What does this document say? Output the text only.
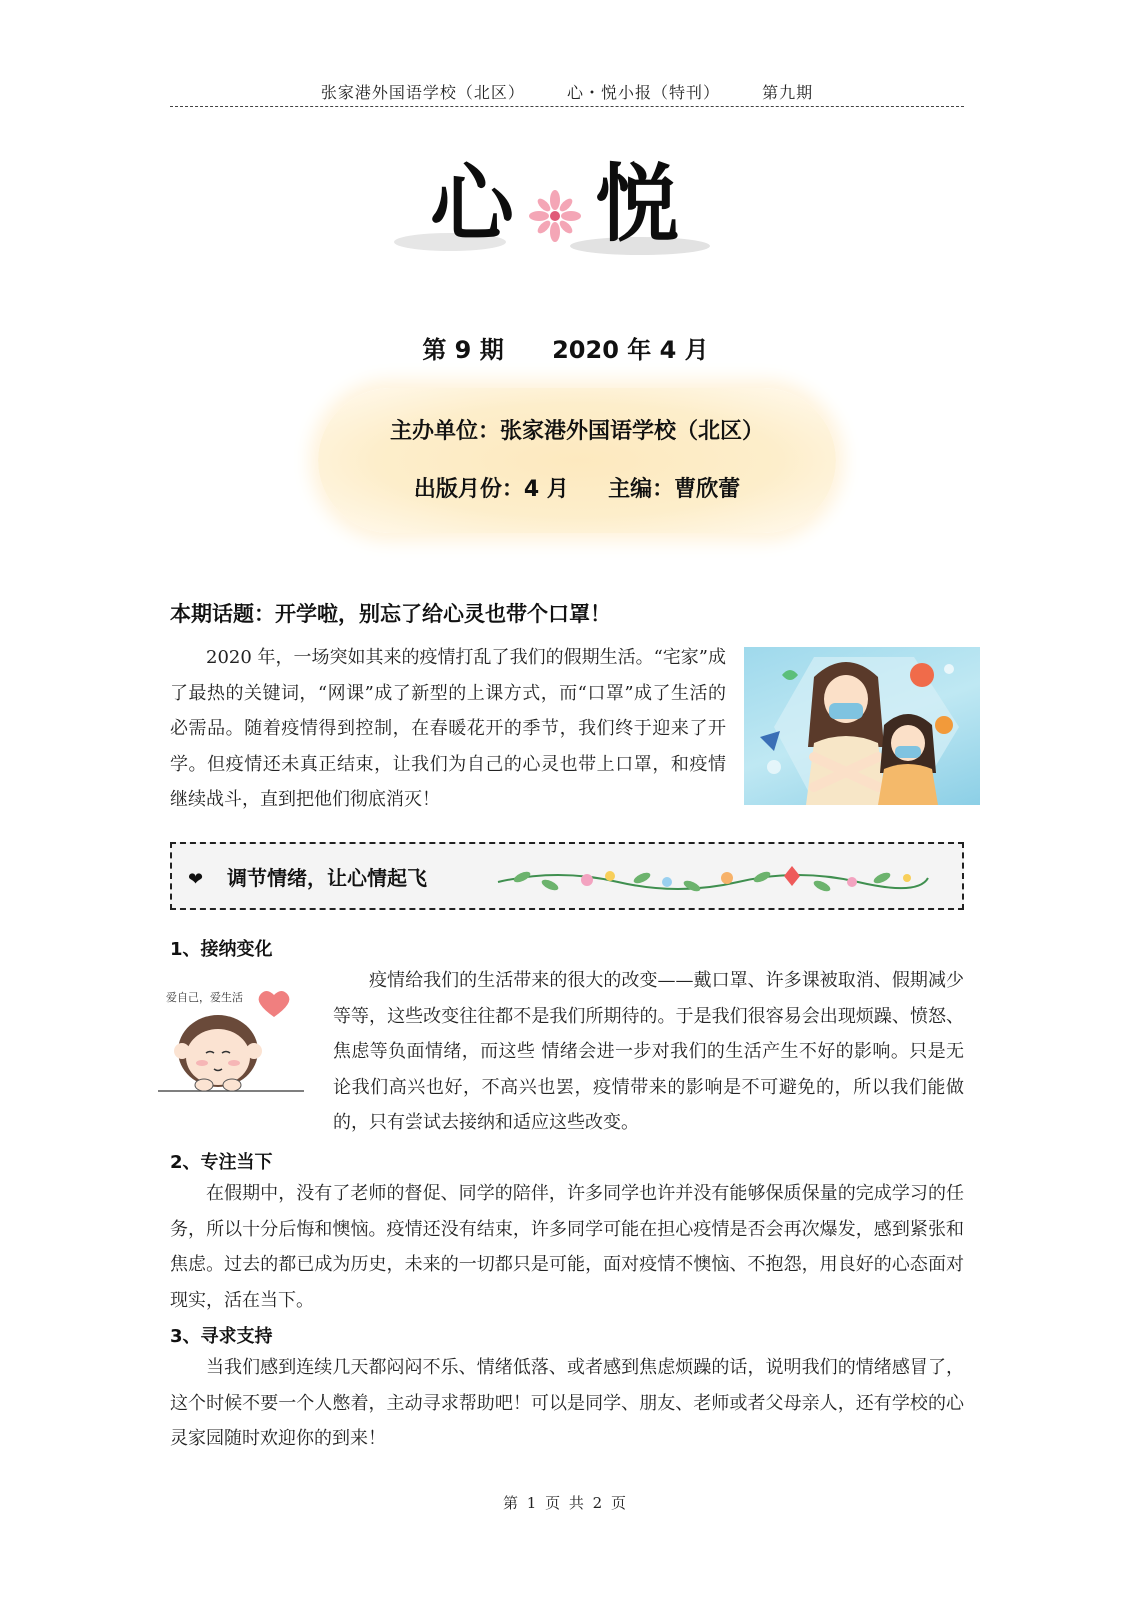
张家港外国语学校（北区）	心・悦小报（特刊）	第九期
心 悦
第 9 期 2020 年 4 月
主办单位：张家港外国语学校（北区）
出版月份：4 月 主编：曹欣蕾
本期话题：开学啦，别忘了给心灵也带个口罩！

2020 年，一场突如其来的疫情打乱了我们的假期生活。“宅家”成了最热的关键词，“网课”成了新型的上课方式，而“口罩”成了生活的必需品。随着疫情得到控制，在春暖花开的季节，我们终于迎来了开学。但疫情还未真正结束，让我们为自己的心灵也带上口罩，和疫情继续战斗，直到把他们彻底消灭！

❤ 调节情绪，让心情起飞
1、接纳变化
爱自己，爱生活

疫情给我们的生活带来的很大的改变——戴口罩、许多课被取消、假期减少等等，这些改变往往都不是我们所期待的。于是我们很容易会出现烦躁、愤怒、焦虑等负面情绪，而这些 情绪会进一步对我们的生活产生不好的影响。只是无论我们高兴也好，不高兴也罢，疫情带来的影响是不可避免的，所以我们能做的，只有尝试去接纳和适应这些改变。

2、专注当下

在假期中，没有了老师的督促、同学的陪伴，许多同学也许并没有能够保质保量的完成学习的任务，所以十分后悔和懊恼。疫情还没有结束，许多同学可能在担心疫情是否会再次爆发，感到紧张和焦虑。过去的都已成为历史，未来的一切都只是可能，面对疫情不懊恼、不抱怨，用良好的心态面对现实，活在当下。

3、寻求支持

当我们感到连续几天都闷闷不乐、情绪低落、或者感到焦虑烦躁的话，说明我们的情绪感冒了，这个时候不要一个人憋着，主动寻求帮助吧！可以是同学、朋友、老师或者父母亲人，还有学校的心灵家园随时欢迎你的到来！

第 1 页 共 2 页
